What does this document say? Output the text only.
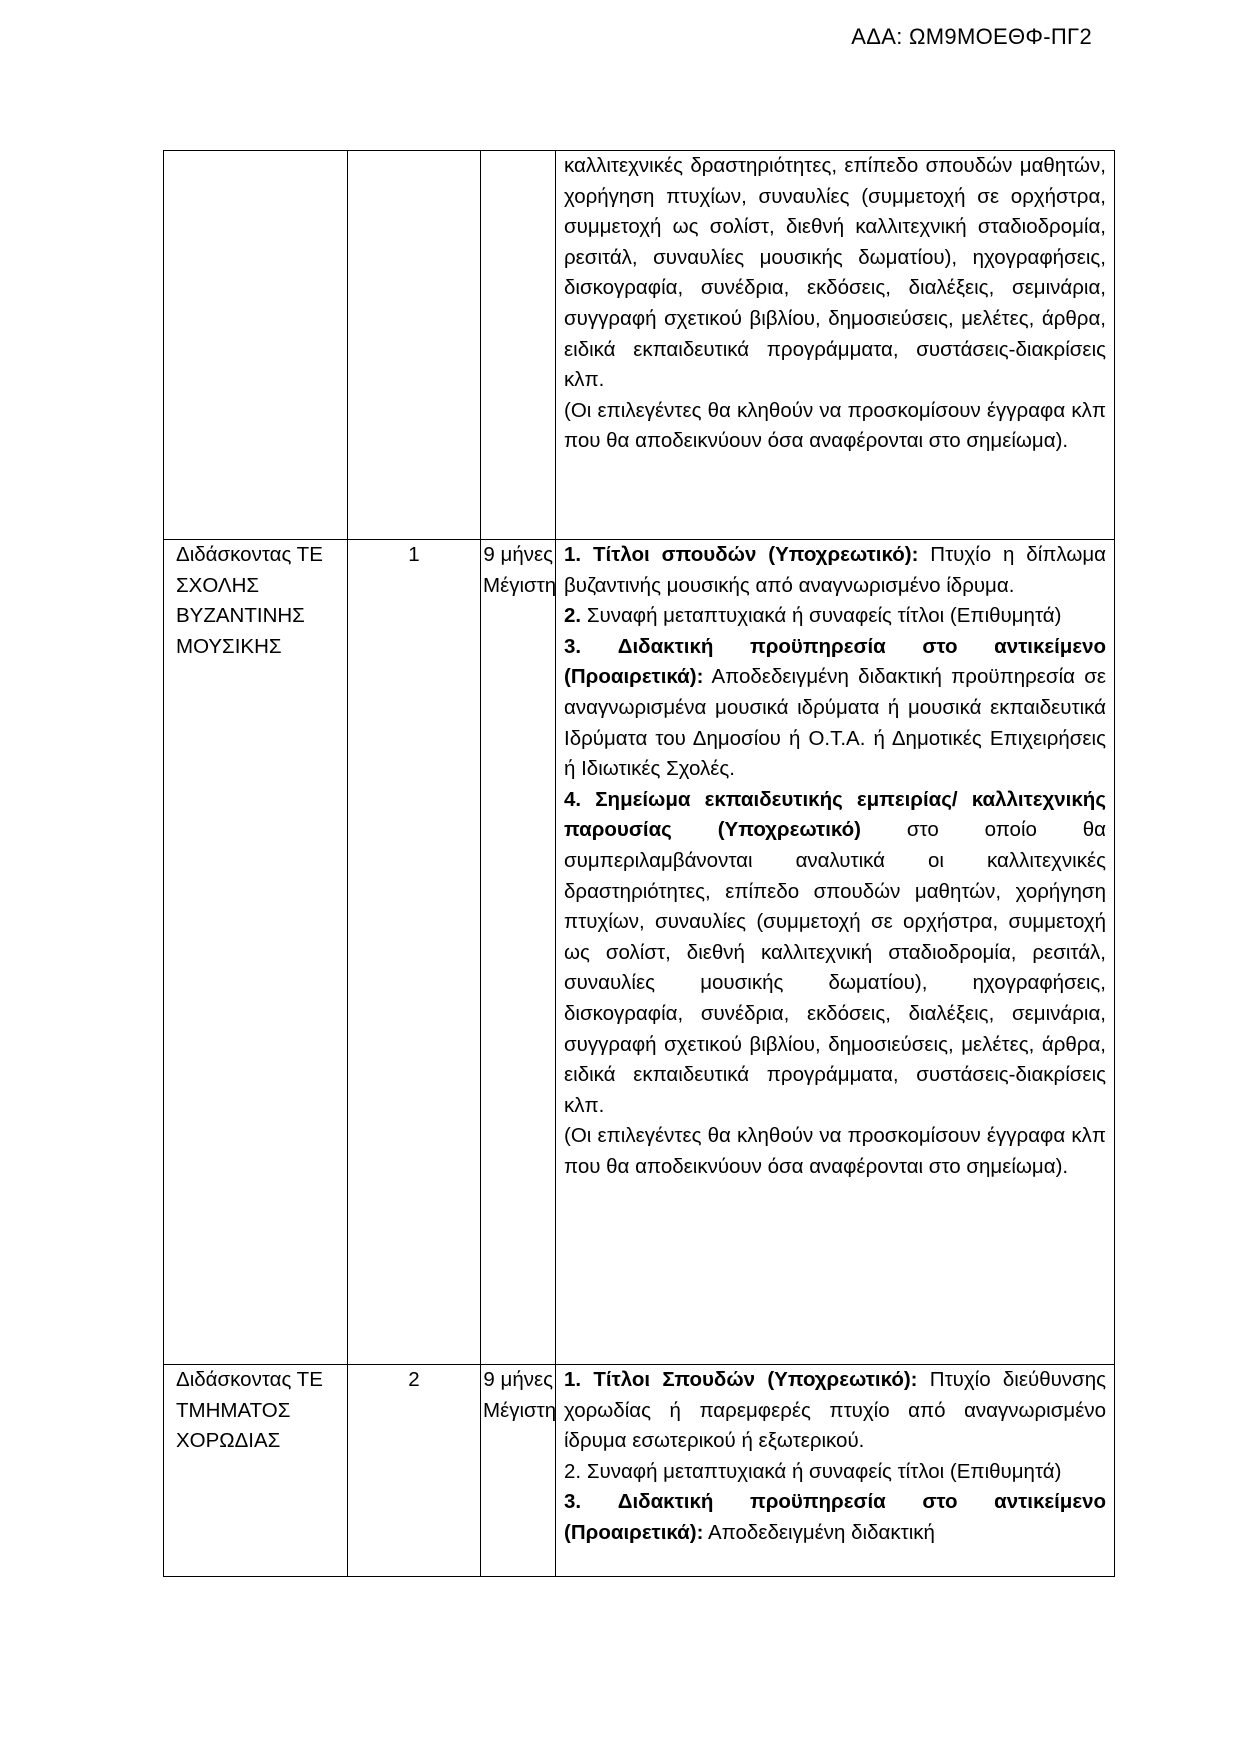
ΑΔΑ: ΩΜ9ΜΟΕΘΦ-ΠΓ2

			καλλιτεχνικές δραστηριότητες, επίπεδο σπουδών μαθητών, χορήγηση πτυχίων, συναυλίες (συμμετοχή σε ορχήστρα, συμμετοχή ως σολίστ, διεθνή καλλιτεχνική σταδιοδρομία, ρεσιτάλ, συναυλίες μουσικής δωματίου), ηχογραφήσεις, δισκογραφία, συνέδρια, εκδόσεις, διαλέξεις, σεμινάρια, συγγραφή σχετικού βιβλίου, δημοσιεύσεις, μελέτες, άρθρα, ειδικά εκπαιδευτικά προγράμματα, συστάσεις-διακρίσεις κλπ.

(Οι επιλεγέντες θα κληθούν να προσκομίσουν έγγραφα κλπ που θα αποδεικνύουν όσα αναφέρονται στο σημείωμα).

Διδάσκοντας ΤΕ ΣΧΟΛΗΣ ΒΥΖΑΝΤΙΝΗΣ ΜΟΥΣΙΚΗΣ	1	9 μήνες Μέγιστη	1. Τίτλοι σπουδών (Υποχρεωτικό): Πτυχίο η δίπλωμα βυζαντινής μουσικής από αναγνωρισμένο ίδρυμα.

2. Συναφή μεταπτυχιακά ή συναφείς τίτλοι (Επιθυμητά)

3. Διδακτική προϋπηρεσία στο αντικείμενο (Προαιρετικά): Αποδεδειγμένη διδακτική προϋπηρεσία σε αναγνωρισμένα μουσικά ιδρύματα ή μουσικά εκπαιδευτικά Ιδρύματα του Δημοσίου ή Ο.Τ.Α. ή Δημοτικές Επιχειρήσεις ή Ιδιωτικές Σχολές.

4. Σημείωμα εκπαιδευτικής εμπειρίας/ καλλιτεχνικής παρουσίας (Υποχρεωτικό) στο οποίο θα συμπεριλαμβάνονται αναλυτικά οι καλλιτεχνικές δραστηριότητες, επίπεδο σπουδών μαθητών, χορήγηση πτυχίων, συναυλίες (συμμετοχή σε ορχήστρα, συμμετοχή ως σολίστ, διεθνή καλλιτεχνική σταδιοδρομία, ρεσιτάλ, συναυλίες μουσικής δωματίου), ηχογραφήσεις, δισκογραφία, συνέδρια, εκδόσεις, διαλέξεις, σεμινάρια, συγγραφή σχετικού βιβλίου, δημοσιεύσεις, μελέτες, άρθρα, ειδικά εκπαιδευτικά προγράμματα, συστάσεις-διακρίσεις κλπ.

(Οι επιλεγέντες θα κληθούν να προσκομίσουν έγγραφα κλπ που θα αποδεικνύουν όσα αναφέρονται στο σημείωμα).

Διδάσκοντας ΤΕ ΤΜΗΜΑΤΟΣ ΧΟΡΩΔΙΑΣ	2	9 μήνες Μέγιστη	1. Τίτλοι Σπουδών (Υποχρεωτικό): Πτυχίο διεύθυνσης χορωδίας ή παρεμφερές πτυχίο από αναγνωρισμένο ίδρυμα εσωτερικού ή εξωτερικού.

2. Συναφή μεταπτυχιακά ή συναφείς τίτλοι (Επιθυμητά)

3. Διδακτική προϋπηρεσία στο αντικείμενο (Προαιρετικά): Αποδεδειγμένη διδακτική
